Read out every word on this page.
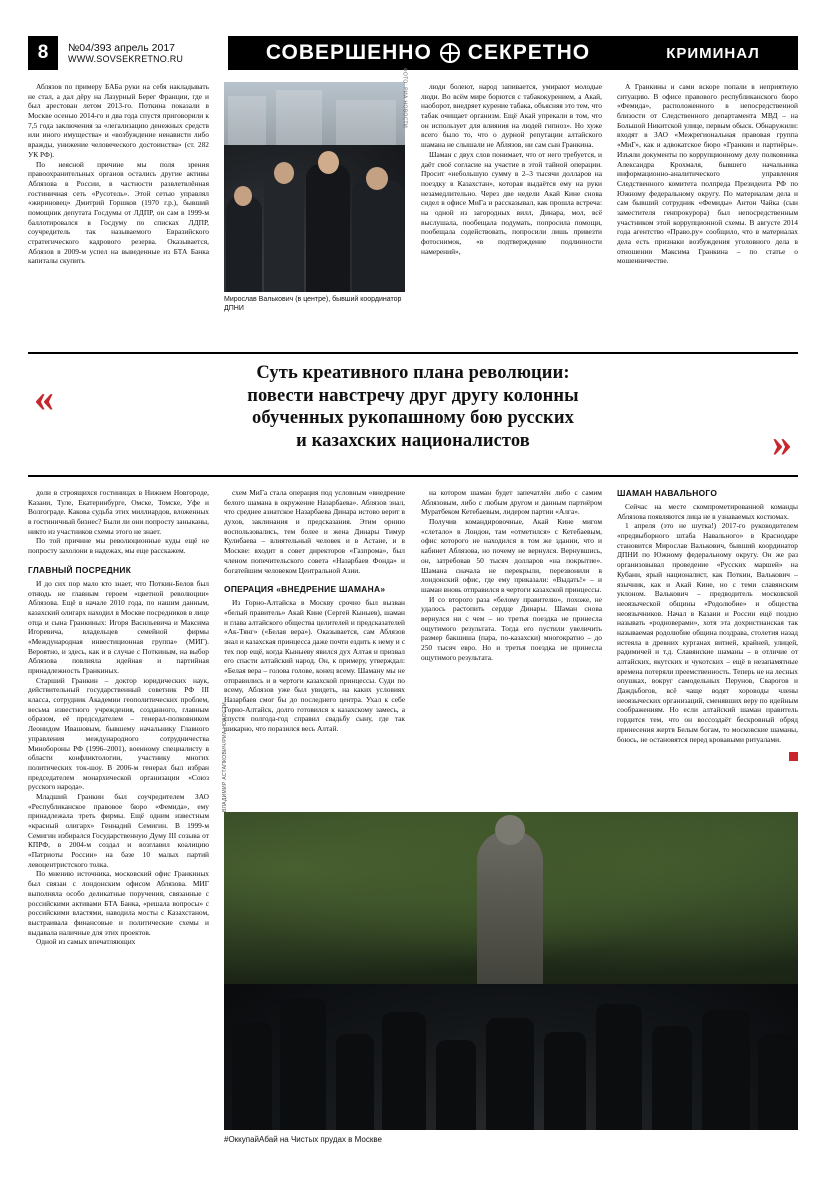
8	№04/393 апрель 2017
WWW.SOVSEKRETNO.RU	СОВЕРШЕННО СЕКРЕТНО	КРИМИНАЛ

Аблязов по примеру БАБа руки на себя накладывать не стал, а дал дёру на Лазурный Берег Франции, где и был арестован летом 2013-го. Поткина показали в Москве осенью 2014-го и два года спустя приговорили к 7,5 года заключения за «легализацию денежных средств или иного имущества» и «возбуждение ненависти либо вражды, унижение человеческого достоинства» (ст. 282 УК РФ).

По неясной причине мы поля зрения правоохранительных органов остались другие активы Аблязова в России, в частности развлетвлённая гостиничная сеть «Русотель». Этой сетью управлял «жириновец» Дмитрий Горшков (1970 г.р.), бывший помощник депутата Госдумы от ЛДПР, он сам в 1999-м баллотировался в Госдуму по списках ЛДПР, соучредитель так называемого Евразийского стратегического кадрового резерва. Оказывается, Аблязов в 2009-м успел на выведенные из БТА Банка капиталы скупить

ФОТО: РИА НОВОСТИ
Мирослав Валькович (в центре), бывший координатор ДПНИ

люди болеют, народ запивается, умирают молодые люди. Во всём мире борются с табакокурением, а Акай, наоборот, внедряет курение табака, объясняя это тем, что табак очищает организм. Ещё Акай упрекали в том, что он использует для влияния на людей гипноз». Но хуже всего было то, что о дурной репутации алтайского шамана не слышали не Аблязов, ни сам сын Гранкина.

Шаман с двух слов понимает, что от него требуется, и даёт своё согласие на участие в этой тайной операции. Просит «небольшую сумму в 2–3 тысячи долларов на поездку в Казахстан», которая выдаётся ему на руки незамедлительно. Через две недели Акай Кине снова сидел в офисе МиГа и рассказывал, как прошла встреча: на одной из загородных вилл, Динара, мол, всё выслушала, пообещала подумать, попросила помощи, пообещала содействовать, попросили лишь привезти фотоснимок, «в подтверждение подлинности намерений»,

А Гранкины и сами вскоре попали в неприятную ситуацию. В офисе правового республиканского бюро «Фемида», расположенного в непосредственной близости от Следственного департамента МВД – на Большой Никитской улице, первым обыск. Обнаружили: входят в ЗАО «Межрегиональная правовая группа «МиГ», как и адвокатское бюро «Гранкин и партнёры». Изъяли документы по коррупционному делу полковника Александра Крохмаля, бывшего начальника информационно-аналитического управления Следственного комитета полпреда Президента РФ по Южному федеральному округу. По материалам дела и сам бывший сотрудник «Фемиды» Антон Чайка (сын заместителя генпрокурора) был непосредственным участником этой коррупционной схемы. В августе 2014 года агентство «Право.ру» сообщило, что в материалах дела есть признаки возбуждения уголовного дела в отношении Максима Гранкина – по статье о мошенничестве.

«
»
Суть креативного плана революции:
повести навстречу друг другу колонны
обученных рукопашному бою русских
и казахских националистов

доли в строящихся гостиницах в Нижнем Новгороде, Казани, Туле, Екатеринбурге, Омске, Томске, Уфе и Волгограде. Какова судьба этих миллиардов, вложенных в гостиничный бизнес? Были ли они попросту заныканы, никто из участников схемы этого не знает.

По той причине мы революционные куды ещё не попросту захолони в надежах, мы еще расскажем.

ГЛАВНЫЙ ПОСРЕДНИК

И до сих пор мало кто знает, что Поткин-Белов был отнюдь не главным героем «цветной революции» Аблязова. Ещё в начале 2010 года, по нашим данным, казахский олигарх находил в Москве посредников в лице отца и сына Гранкиных: Игоря Васильевича и Максима Игоревича, владельцев семейной фирмы «Международная инвестиционная группа» (МИГ). Вероятно, и здесь, как и в случае с Поткиным, на выбор Аблязова повлияла идейная и партийная принадлежность Гранкиных.

Старший Гранкин – доктор юридических наук, действительный государственный советник РФ III класса, сотрудник Академии геополитических проблем, весьма известного учреждения, созданного, главным образом, её председателем – генерал-полковником Леонидом Ивашовым, бывшему начальнику Главного управления международного сотрудничества Минобороны РФ (1996–2001), военному специалисту в области конфликтологии, участнику многих политических ток-шоу. В 2006-м генерал был избран председателем монархической организации «Союз русского народа».

Младший Гранкин был соучредителем ЗАО «Республиканское правовое бюро «Фемида», ему принадлежала треть фирмы. Ещё одним известным «красный олигарх» Геннадий Семигин. В 1999-м Семигин избирался Государственную Думу III созыва от КПРФ, в 2004-м создал и возглавил коалицию «Патриоты России» на базе 10 малых партий левоцентристского толка.

По мнению источника, московский офис Гранкиных был связан с лондонским офисом Аблязова. МИГ выполняла особо деликатные поручения, связанные с российскими активами БТА Банка, «решала вопросы» с российскими властями, наводила мосты с Казахстаном, выстраивала финансовые и политические схемы и выдавала наличные для этих проектов.

Одной из самых впечатляющих

схем МиГа стала операция под условным «внедрение белого шамана в окружение Назарбаева». Аблязов знал, что среднее азиатское Назарбаева Динара истово верит в духов, заклинания и предсказания. Этим орнию воспользовались, тем более и жена Динары Тимур Кулибаева – влиятельный человек и в Астане, и в Москве: входит в совет директоров «Газпрома», был членом попечительского совета «Назарбаев Фонда» и богатейшим человеком Центральной Азии.

ОПЕРАЦИЯ «ВНЕДРЕНИЕ ШАМАНА»

Из Горно-Алтайска в Москву срочно был вызван «белый правитель» Акай Кине (Сергей Кыныев), шаман и глава алтайского общества целителей и предсказателей «Ак-Тянг» («Белая вера»). Оказывается, сам Аблязов знал и казахская принцесса даже почти ездить к нему и с тех пор ещё, когда Кыныеву явился дух Алтая и призвал его спасти алтайский народ. Он, к примеру, утверждал: «Белая вера – голова голове, конец всему. Шаману мы не отправились и в чертоги казахской принцессы. Суди по всему, Аблязов уже был увидеть, на каких условиях Назарбаев смог бы до последнего центра. Ухал к себе Горно-Алтайск, долго готовился к казахскому замесь, а спустя полгода-год справил свадьбу сыну, где так шикарно, что поразился весь Алтай.

на котором шаман будет запечатлён либо с самим Аблязовым, либо с любым другом и данным партнёром Муратбеком Кетебаевым, лидером партии «Алга».

Получив командировочные, Акай Кине мигом «слетало» в Лондон, там «отметился» с Кетебаевым, офис которого не находился в том же здании, что и кабинет Аблязова, но почему не вернулся. Вернувшись, он, затребовав 50 тысяч долларов «на покрытие». Шамана сначала не перекрыли, перезвонили в лондонский офис, где ему приказали: «Выдать!» – и шаман вновь отправился в чертоги казахской принцессы.

И со второго раза «белому правителю», похоже, не удалось растопить сердце Динары. Шаман снова вернулся ни с чем – но третья поездка не принесла ощутимого результата. Тогда его пустили увеличить размер бакшиша (пара, по-казахски) многократно – до 250 тысяч евро. Но и третья поездка не принесла ощутимого результата.

ШАМАН НАВАЛЬНОГО

Сейчас на месте скомпрометированной команды Аблязова появляются лица не в узнаваемых костюмах.

1 апреля (это не шутка!) 2017-го руководителем «предвыборного штаба Навального» в Краснодаре становится Мирослав Валькович, бывший координатор ДПНИ по Южному федеральному округу. Он же раз организовывал проведение «Русских маршей» на Кубани, ярый националист, как Поткин, Валькович – язычник, как и Акай Кине, но с теми славянским уклоном. Валькович – предводитель московской неоязыческой общины «Родолюбие» и общества неоязычников. Начал в Казани и России ещё поздно называть «родноверами», хотя эта дохристианская так называемая родолюбие община поздрава, столетия назад истеяла в древних курганах витией, крайней, улицей, радимичей и т.д. Славянские шаманы – в отличие от алтайских, якутских и чукотских – ещё в незапамятные времена потеряли преемственность. Теперь не на лесных опушках, вокруг самодельных Перунов, Сварогов и Даждьбогов, всё чаще водят хороводы члены неоязыческих организаций, сменявших веру по идейным соображениям. Но если алтайский шаман правитель гордится тем, что он воссоздаёт бескровный обряд принесения жертв Белым богам, то московские шаманы, боюсь, не остановятся перед кровавыми ритуалами.

ВЛАДИМИР АСТАПКОВИЧ/РИА НОВОСТИ
#ОккупайАбай на Чистых прудах в Москве
